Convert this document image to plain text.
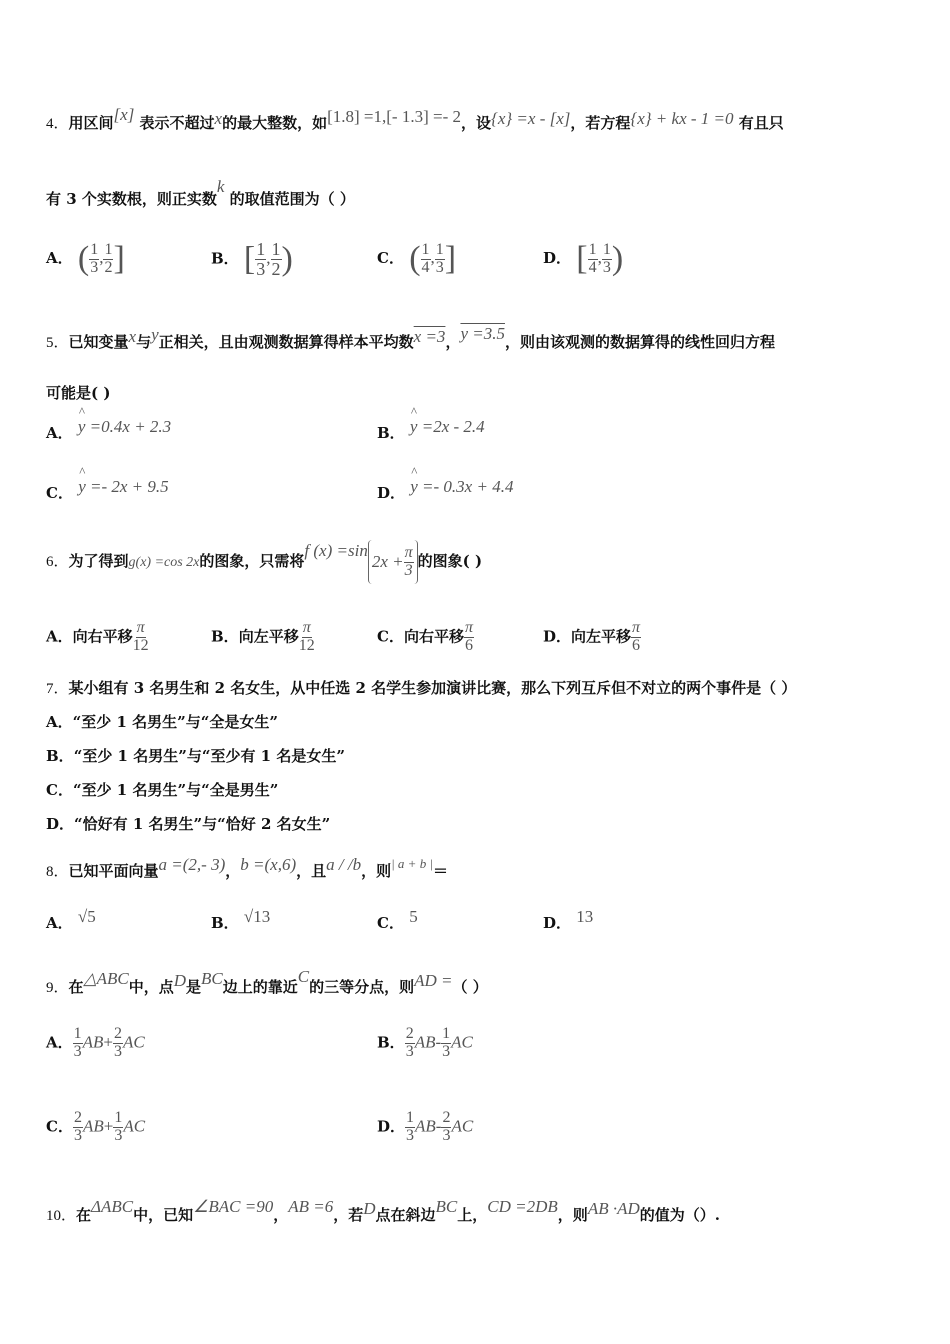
4．用区间[x] 表示不超过x的最大整数，如[1.8] =1,[- 1.3] =- 2，设{x} =x - [x]，若方程{x} + kx - 1 =0 有且只
有 3 个实数根，则正实数k 的取值范围为（ ）
A． ( $\frac{1}{3}$ , $\frac{1}{2}$ ]	B． [ $\frac{1}{3}$ , $\frac{1}{2}$ )	C． ( $\frac{1}{4}$ , $\frac{1}{3}$ ]	D． [ $\frac{1}{4}$ , $\frac{1}{3}$ )
5．已知变量x与y正相关，且由观测数据算得样本平均数x =3，y =3.5，则由该观测的数据算得的线性回归方程
可能是( )
A． ^ y =0.4x + 2.3	B． ^ y =2x - 2.4
C． ^ y =- 2x + 9.5	D． ^ y =- 0.3x + 4.4
6．为了得到g(x) =cos 2x的图象，只需将f (x) =sin
$2x + \frac{\pi}{3}$ 的图象( )
A．向右平移 $\frac{\pi}{12}$	B．向左平移 $\frac{\pi}{12}$	C．向右平移 $\frac{\pi}{6}$	D．向左平移 $\frac{\pi}{6}$
7．某小组有 3 名男生和 2 名女生，从中任选 2 名学生参加演讲比赛，那么下列互斥但不对立的两个事件是（ ）
A．“至少 1 名男生”与“全是女生”
B．“至少 1 名男生”与“至少有 1 名是女生”
C．“至少 1 名男生”与“全是男生”
D．“恰好有 1 名男生”与“恰好 2 名女生”
8．已知平面向量a =(2,- 3)，b =(x,6)，且a / /b，则| a + b |＝
A． √5	B． √13	C． 5	D． 13
9．在△ABC中，点D是BC边上的靠近C的三等分点，则AD =（ ）
A． $\frac{1}{3} AB+ \frac{2}{3}$ AC	B． $\frac{2}{3} AB- \frac{1}{3}$ AC
C． $\frac{2}{3} AB+ \frac{1}{3}$ AC	D． $\frac{1}{3} AB- \frac{2}{3}$ AC
10．在ΔABC中，已知∠BAC =90，AB =6，若D点在斜边BC上，CD =2DB，则AB ·AD的值为（）.
